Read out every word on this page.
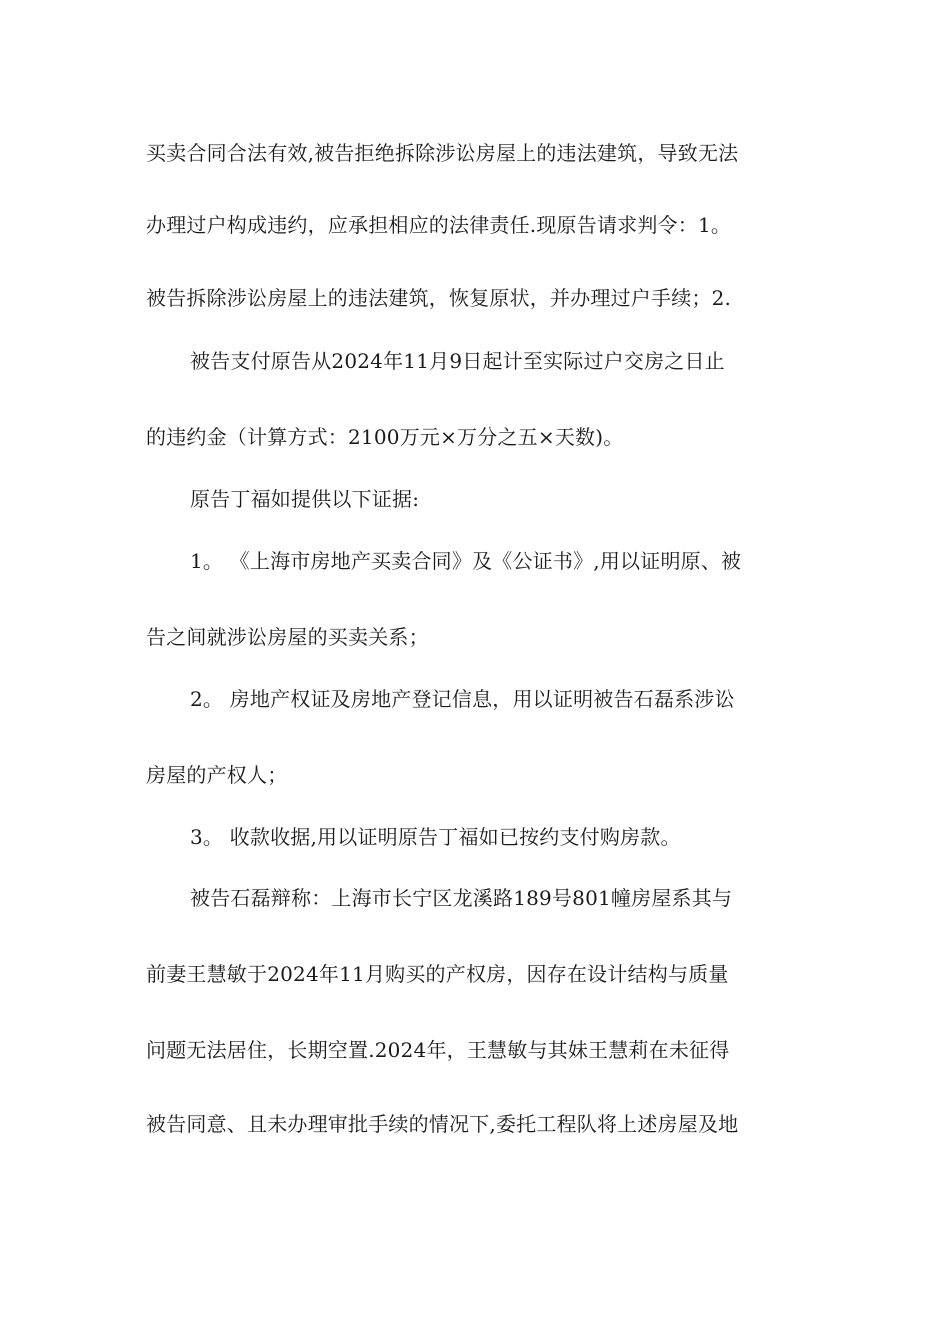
买卖合同合法有效,被告拒绝拆除涉讼房屋上的违法建筑，导致无法
办理过户构成违约，应承担相应的法律责任.现原告请求判令：1。
被告拆除涉讼房屋上的违法建筑，恢复原状，并办理过户手续；2.
被告支付原告从2024年11月9日起计至实际过户交房之日止
的违约金（计算方式：2100万元×万分之五×天数)。
原告丁福如提供以下证据:
1。 《上海市房地产买卖合同》及《公证书》,用以证明原、被
告之间就涉讼房屋的买卖关系；
2。 房地产权证及房地产登记信息，用以证明被告石磊系涉讼
房屋的产权人；
3。 收款收据,用以证明原告丁福如已按约支付购房款。
被告石磊辩称：上海市长宁区龙溪路189号801幢房屋系其与
前妻王慧敏于2024年11月购买的产权房，因存在设计结构与质量
问题无法居住，长期空置.2024年，王慧敏与其妹王慧莉在未征得
被告同意、且未办理审批手续的情况下,委托工程队将上述房屋及地
